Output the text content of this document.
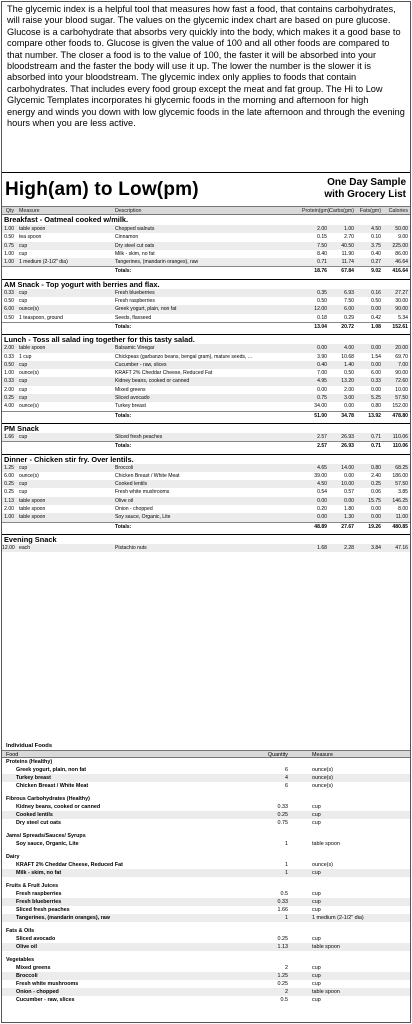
The glycemic index is a helpful tool that measures how fast a food, that contains carbohydrates, will raise your blood sugar. The values on the glycemic index chart are based on pure glucose. Glucose is a carbohydrate that absorbs very quickly into the body, which makes it a good base to compare other foods to. Glucose is given the value of 100 and all other foods are compared to that number. The closer a food is to the value of 100, the faster it will be absorbed into your bloodstream and the faster the body will use it up. The lower the number is the slower it is absorbed into your bloodstream. The glycemic index only applies to foods that contain carbohydrates. That includes every food group except the meat and fat group. The Hi to Low Glycemic Templates incorporates hi glycemic foods in the morning and afternoon for high

energy and winds you down with low glycemic foods in the late afternoon and through the evening hours when you are less active.

High(am) to Low(pm)	One Day Sample
with Grocery List
Qty Measure	Description	Protein(gm) Carbs(gm)	Fats(gm)	Calories
Breakfast - Oatmeal cooked w/milk.
1.00 table spoon	Chopped walnuts	2.00	1.00	4.50	50.00
0.50 tea spoon	Cinnamon	0.15	2.70	0.10	9.00
0.75 cup	Dry steel cut oats	7.50	40.50	3.75	225.00
1.00 cup	Milk - skim, no fat	8.40	11.90	0.40	86.00
1.00 1 medium (2-1/2" dia)	Tangerines, (mandarin oranges), raw	0.71	11.74	0.27	46.64
Totals:	18.76	67.84	9.02	416.64
AM Snack - Top yogurt with berries and flax.
0.33 cup	Fresh blueberries	0.35	6.93	0.16	27.27
0.50 cup	Fresh raspberries	0.50	7.50	0.50	30.00
6.00 ounce(s)	Greek yogurt, plain, non fat	12.00	6.00	0.00	90.00
0.50 1 teaspoon, ground	Seeds, flaxseed	0.18	0.29	0.42	5.34
Totals:	13.04	20.72	1.08	152.61
Lunch - Toss all salad ing together for this tasty salad.
2.00 table spoon	Balsamic Vinegar	0.00	4.00	0.00	20.00
0.33 1 cup	Chickpeas (garbanzo beans, bengal gram), mature seeds, ...	3.90	10.68	1.54	69.70
0.50 cup	Cucumber - raw, slices	0.40	1.40	0.00	7.00
1.00 ounce(s)	KRAFT 2% Cheddar Cheese, Reduced Fat	7.00	0.50	6.00	90.00
0.33 cup	Kidney beans, cooked or canned	4.95	13.20	0.33	72.60
2.00 cup	Mixed greens	0.00	2.00	0.00	10.00
0.25 cup	Sliced avocado	0.75	3.00	5.25	57.50
4.00 ounce(s)	Turkey breast	34.00	0.00	0.80	152.00
Totals:	51.00	34.78	13.92	478.80
PM Snack
1.66 cup	Sliced fresh peaches	2.57	26.93	0.71	110.06
Totals:	2.57	26.93	0.71	110.06
Dinner - Chicken stir fry. Over lentils.
1.25 cup	Broccoli	4.65	14.00	0.80	68.25
6.00 ounce(s)	Chicken Breast / White Meat	39.00	0.00	2.40	186.00
0.25 cup	Cooked lentils	4.50	10.00	0.25	57.50
0.25 cup	Fresh white mushrooms	0.54	0.57	0.06	3.85
1.13 table spoon	Olive oil	0.00	0.00	15.75	146.25
2.00 table spoon	Onion - chopped	0.20	1.80	0.00	8.00
1.00 table spoon	Soy sauce, Organic, Lite	0.00	1.30	0.00	11.00
Totals:	48.89	27.67	19.26	480.85
Evening Snack
12.00 each	Pistachio nuts	1.68	2.28	3.84	47.16
Individual Foods
Food	Quantity	Measure
Proteins (Healthy)
Greek yogurt, plain, non fat	6	ounce(s)
Turkey breast	4	ounce(s)
Chicken Breast / White Meat	6	ounce(s)
Fibrous Carbohydrates (Healthy)
Kidney beans, cooked or canned	0.33	cup
Cooked lentils	0.25	cup
Dry steel cut oats	0.75	cup
Jams/ Spreads/Sauces/ Syrups
Soy sauce, Organic, Lite	1	table spoon
Dairy
KRAFT 2% Cheddar Cheese, Reduced Fat	1	ounce(s)
Milk - skim, no fat	1	cup
Fruits & Fruit Juices
Fresh raspberries	0.5	cup
Fresh blueberries	0.33	cup
Sliced fresh peaches	1.66	cup
Tangerines, (mandarin oranges), raw	1	1 medium (2-1/2" dia)
Fats & Oils
Sliced avocado	0.25	cup
Olive oil	1.13	table spoon
Vegetables
Mixed greens	2	cup
Broccoli	1.25	cup
Fresh white mushrooms	0.25	cup
Onion - chopped	2	table spoon
Cucumber - raw, slices	0.5	cup
